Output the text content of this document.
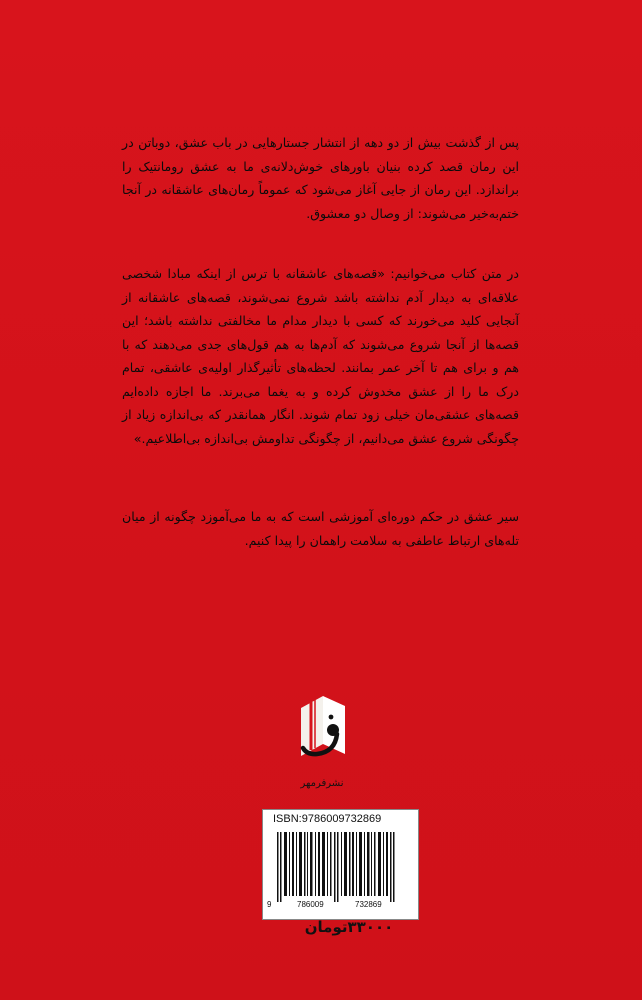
پس از گذشت بیش از دو دهه از انتشار جستارهایی در باب عشق، دوباتن در این رمان قصد کرده بنیان باورهای خوش‌دلانه‌ی ما به عشق رومانتیک را براندازد. این رمان از جایی آغاز می‌شود که عموماً رمان‌های عاشقانه در آنجا ختم‌به‌خیر می‌شوند: از وصال دو معشوق.

در متن کتاب می‌خوانیم: «قصه‌های عاشقانه با ترس از اینکه مبادا شخصی علاقه‌ای به دیدار آدم نداشته باشد شروع نمی‌شوند، قصه‌های عاشقانه از آنجایی کلید می‌خورند که کسی با دیدار مدام ما مخالفتی نداشته باشد؛ این قصه‌ها از آنجا شروع می‌شوند که آدم‌ها به هم قول‌های جدی می‌دهند که با هم و برای هم تا آخر عمر بمانند. لحظه‌های تأثیرگذار اولیه‌ی عاشقی، تمام درک ما را از عشق مخدوش کرده و به یغما می‌برند. ما اجازه داده‌ایم قصه‌های عشقی‌مان خیلی زود تمام شوند. انگار همانقدر که بی‌اندازه زیاد از چگونگی شروع عشق می‌دانیم، از چگونگی تداومش بی‌اندازه بی‌اطلاعیم.»

سیر عشق در حکم دوره‌ای آموزشی است که به ما می‌آموزد چگونه از میان تله‌های ارتباط عاطفی به سلامت راهمان را پیدا کنیم.

نشرفرمهر
ISBN:9786009732869
9	786009	732869
۳۳۰۰۰تومان
